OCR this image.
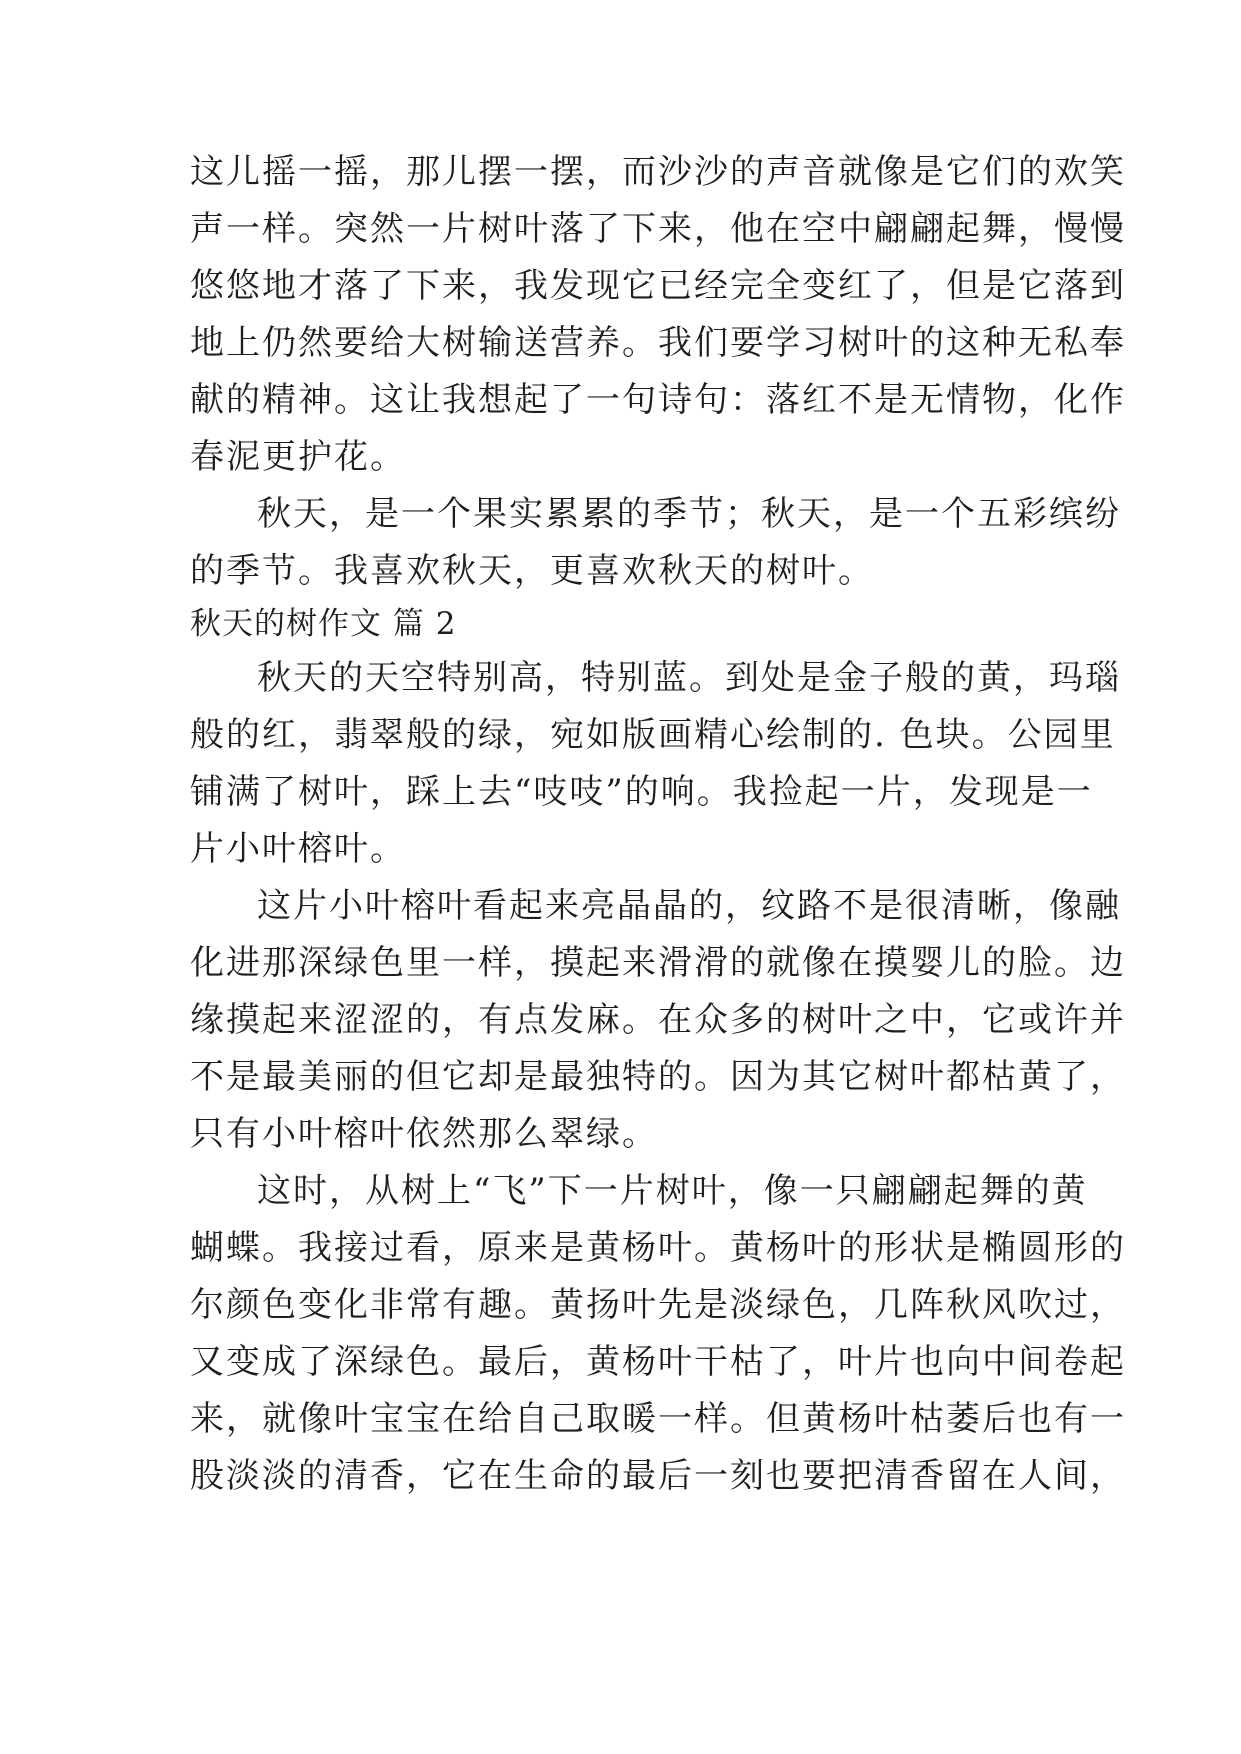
这儿摇一摇，那儿摆一摆，而沙沙的声音就像是它们的欢笑
声一样。突然一片树叶落了下来，他在空中翩翩起舞，慢慢
悠悠地才落了下来，我发现它已经完全变红了，但是它落到
地上仍然要给大树输送营养。我们要学习树叶的这种无私奉
献的精神。这让我想起了一句诗句：落红不是无情物，化作
春泥更护花。
秋天，是一个果实累累的季节；秋天，是一个五彩缤纷
的季节。我喜欢秋天，更喜欢秋天的树叶。
秋天的树作文 篇 2
秋天的天空特别高，特别蓝。到处是金子般的黄，玛瑙
般的红，翡翠般的绿，宛如版画精心绘制的. 色块。公园里
铺满了树叶，踩上去“吱吱”的响。我捡起一片，发现是一
片小叶榕叶。
这片小叶榕叶看起来亮晶晶的，纹路不是很清晰，像融
化进那深绿色里一样，摸起来滑滑的就像在摸婴儿的脸。边
缘摸起来涩涩的，有点发麻。在众多的树叶之中，它或许并
不是最美丽的但它却是最独特的。因为其它树叶都枯黄了，
只有小叶榕叶依然那么翠绿。
这时，从树上“飞”下一片树叶，像一只翩翩起舞的黄
蝴蝶。我接过看，原来是黄杨叶。黄杨叶的形状是椭圆形的
尔颜色变化非常有趣。黄扬叶先是淡绿色，几阵秋风吹过，
又变成了深绿色。最后，黄杨叶干枯了，叶片也向中间卷起
来，就像叶宝宝在给自己取暖一样。但黄杨叶枯萎后也有一
股淡淡的清香，它在生命的最后一刻也要把清香留在人间，
